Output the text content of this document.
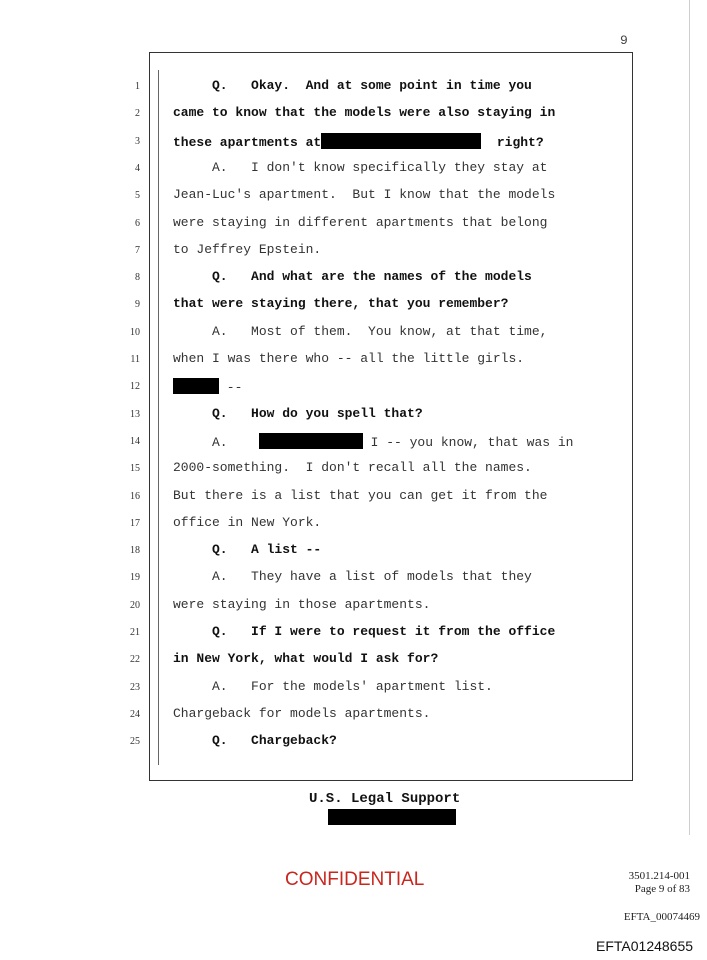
9
1	Q.   Okay.  And at some point in time you
2	came to know that the models were also staying in
3	these apartments at	right?
4	A.   I don't know specifically they stay at
5	Jean-Luc's apartment.  But I know that the models
6	were staying in different apartments that belong
7	to Jeffrey Epstein.
8	Q.   And what are the names of the models
9	that were staying there, that you remember?
10	A.   Most of them.  You know, at that time,
11	when I was there who -- all the little girls.
12	--
13	Q.   How do you spell that?
14	A.	I -- you know, that was in
15	2000-something.  I don't recall all the names.
16	But there is a list that you can get it from the
17	office in New York.
18	Q.   A list --
19	A.   They have a list of models that they
20	were staying in those apartments.
21	Q.   If I were to request it from the office
22	in New York, what would I ask for?
23	A.   For the models' apartment list.
24	Chargeback for models apartments.
25	Q.   Chargeback?
U.S. Legal Support
CONFIDENTIAL	3501.214-001
Page 9 of 83
EFTA_00074469
EFTA01248655
